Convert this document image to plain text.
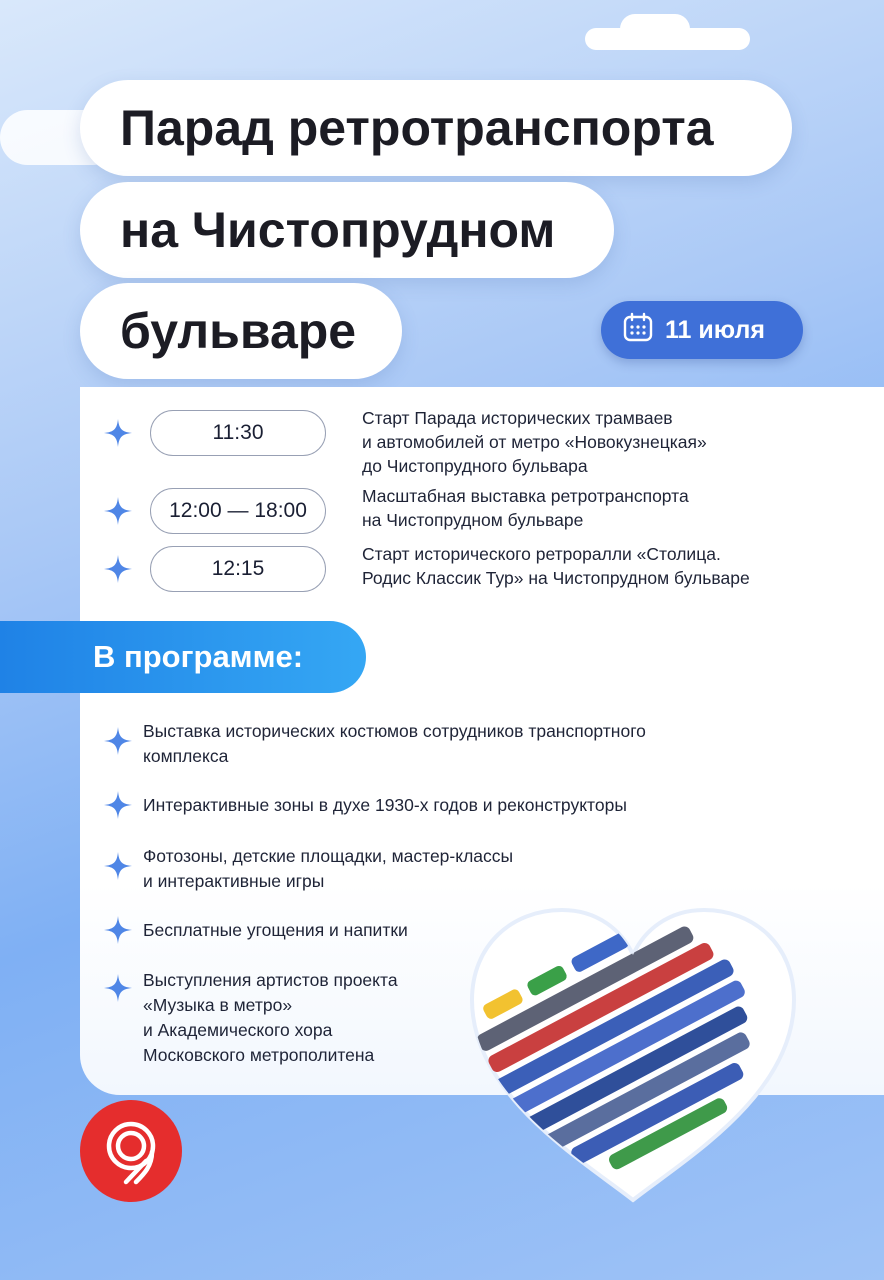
Парад ретротранспорта
на Чистопрудном
бульваре	11 июля
11:30
Старт Парада исторических трамваев
и автомобилей от метро «Новокузнецкая»
до Чистопрудного бульвара
12:00 — 18:00
Масштабная выставка ретротранспорта
на Чистопрудном бульваре
12:15
Старт исторического ретроралли «Столица.
Родис Классик Тур» на Чистопрудном бульваре
В программе:
Выставка исторических костюмов сотрудников транспортного
комплекса
Интерактивные зоны в духе 1930-х годов и реконструкторы
Фотозоны, детские площадки, мастер-классы
и интерактивные игры
Бесплатные угощения и напитки
Выступления артистов проекта
«Музыка в метро»
и Академического хора
Московского метрополитена
